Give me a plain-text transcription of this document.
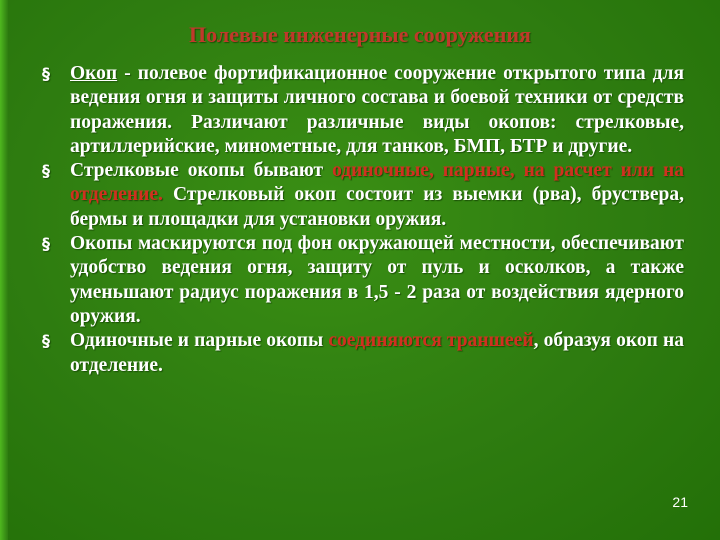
Полевые инженерные сооружения
§ Окоп - полевое фортификационное сооружение открытого типа для ведения огня и защиты личного состава и боевой техники от средств поражения. Различают различные виды окопов: стрелковые, артиллерийские, минометные, для танков, БМП, БТР и другие.
§ Стрелковые окопы бывают одиночные, парные, на расчет или на отделение. Стрелковый окоп состоит из выемки (рва), бруствера, бермы и площадки для установки оружия.
§ Окопы маскируются под фон окружающей местности, обеспечивают удобство ведения огня, защиту от пуль и осколков, а также уменьшают радиус поражения в 1,5 - 2 раза от воздействия ядерного оружия.
§ Одиночные и парные окопы соединяются траншеей, образуя окоп на отделение.
21
